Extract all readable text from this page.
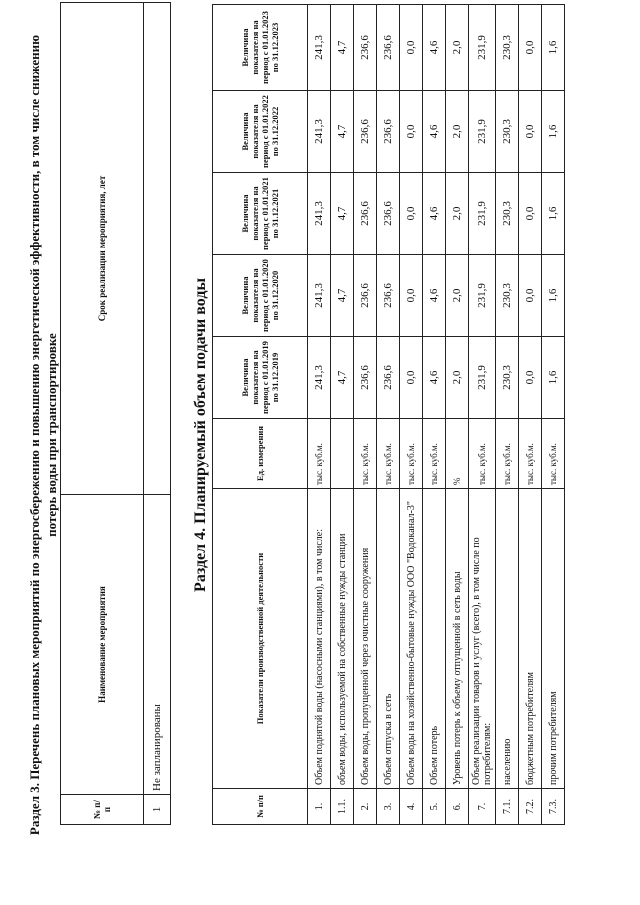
Раздел 3. Перечень плановых мероприятий по энергосбережению и повышению энергетической эффективности, в том числе снижению потерь воды при транспортировке
№ п/п	Наименование мероприятия	Срок реализации мероприятия, лет
1	Не запланированы	
Раздел 4. Планируемый объем подачи воды
№ п/п	Показатели производственной деятельности	Ед. измерения	Величина показателя на период с 01.01.2019 по 31.12.2019	Величина показателя на период с 01.01.2020 по 31.12.2020	Величина показателя на период с 01.01.2021 по 31.12.2021	Величина показателя на период с 01.01.2022 по 31.12.2022	Величина показателя на период с 01.01.2023 по 31.12.2023
1.	Объем поднятой воды (насосными станциями), в том числе:	тыс. куб.м.	241,3	241,3	241,3	241,3	241,3
1.1.	объем воды, используемой на собственные нужды станции		4,7	4,7	4,7	4,7	4,7
2.	Объем воды, пропущенной через очистные сооружения	тыс. куб.м.	236,6	236,6	236,6	236,6	236,6
3.	Объем отпуска в сеть	тыс. куб.м.	236,6	236,6	236,6	236,6	236,6
4.	Объем воды на хозяйственно-бытовые нужды ООО "Водоканал-3"	тыс. куб.м.	0,0	0,0	0,0	0,0	0,0
5.	Объем потерь	тыс. куб.м.	4,6	4,6	4,6	4,6	4,6
6.	Уровень потерь к объему отпущенной в сеть воды	%	2,0	2,0	2,0	2,0	2,0
7.	Объем реализации товаров и услуг (всего), в том числе по потребителям:	тыс. куб.м.	231,9	231,9	231,9	231,9	231,9
7.1.	населению	тыс. куб.м.	230,3	230,3	230,3	230,3	230,3
7.2.	бюджетным потребителям	тыс. куб.м.	0,0	0,0	0,0	0,0	0,0
7.3.	прочим потребителям	тыс. куб.м.	1,6	1,6	1,6	1,6	1,6
